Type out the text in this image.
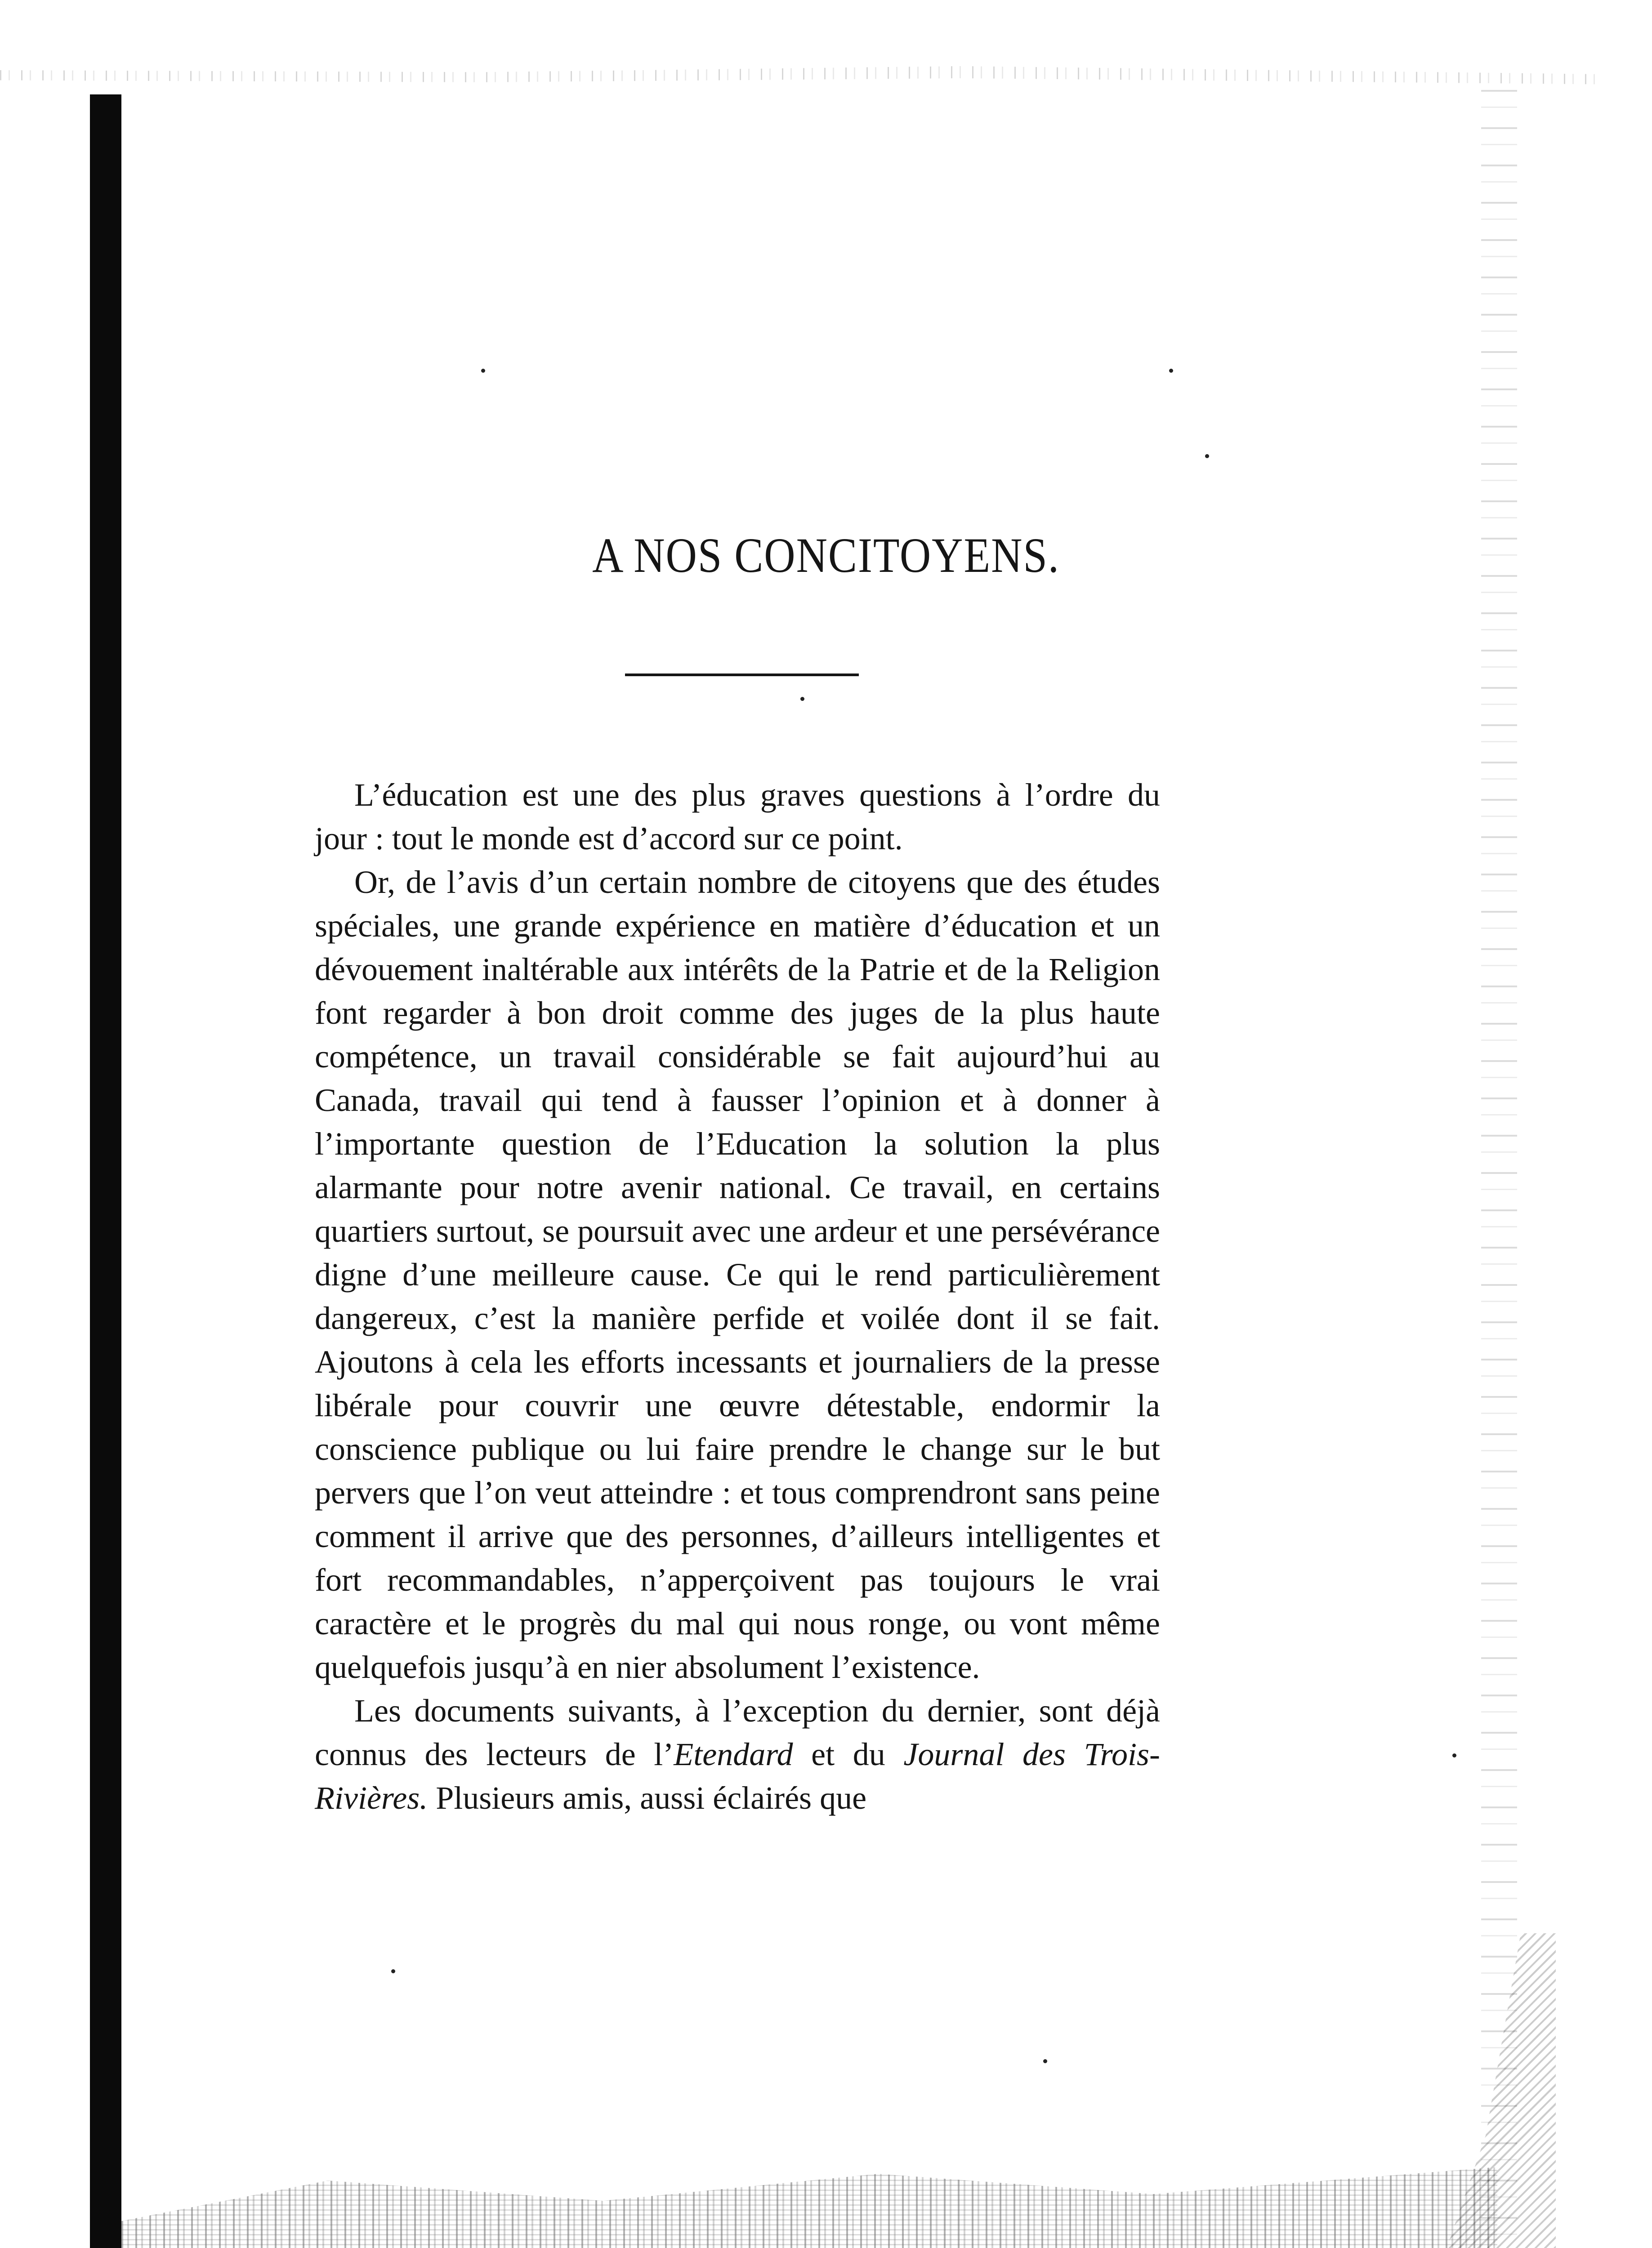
A NOS CONCITOYENS.

L’éducation est une des plus graves questions à l’ordre du jour : tout le monde est d’accord sur ce point.

Or, de l’avis d’un certain nombre de citoyens que des études spéciales, une grande expérience en matière d’éducation et un dévouement inaltérable aux intérêts de la Patrie et de la Religion font regarder à bon droit comme des juges de la plus haute compétence, un travail considérable se fait aujourd’hui au Canada, travail qui tend à fausser l’opinion et à donner à l’importante question de l’Education la solution la plus alarmante pour notre avenir national. Ce travail, en certains quartiers surtout, se poursuit avec une ardeur et une persévérance digne d’une meilleure cause. Ce qui le rend particulièrement dangereux, c’est la manière perfide et voilée dont il se fait. Ajoutons à cela les efforts incessants et journaliers de la presse libérale pour couvrir une œuvre détestable, endormir la conscience publique ou lui faire prendre le change sur le but pervers que l’on veut atteindre : et tous comprendront sans peine comment il arrive que des personnes, d’ailleurs intelligentes et fort recommandables, n’apperçoivent pas toujours le vrai caractère et le progrès du mal qui nous ronge, ou vont même quelquefois jusqu’à en nier absolument l’existence.

Les documents suivants, à l’exception du dernier, sont déjà connus des lecteurs de l’Etendard et du Journal des Trois-Rivières. Plusieurs amis, aussi éclairés que
